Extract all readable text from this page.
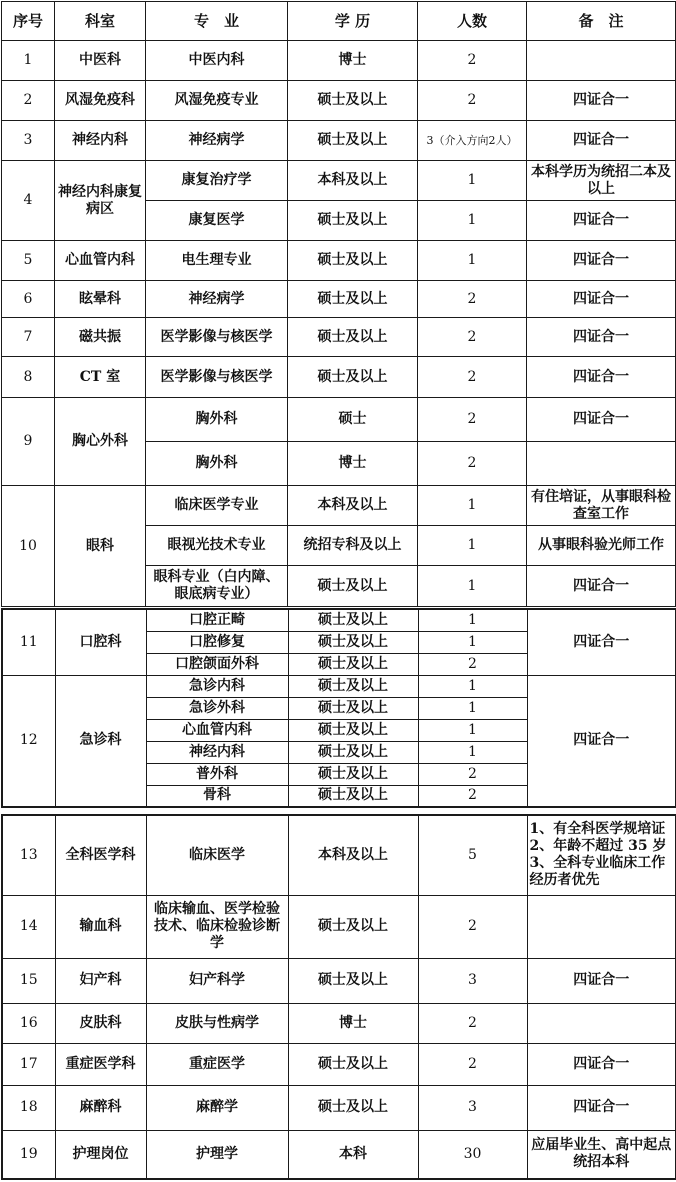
序号	科室	专　业	学 历	人数	备　注
1	中医科	中医内科	博士	2	
2	风湿免疫科	风湿免疫专业	硕士及以上	2	四证合一
3	神经内科	神经病学	硕士及以上	3（介入方向2人）	四证合一
4	神经内科康复病区	康复治疗学	本科及以上	1	本科学历为统招二本及以上
		康复医学	硕士及以上	1	四证合一
5	心血管内科	电生理专业	硕士及以上	1	四证合一
6	眩晕科	神经病学	硕士及以上	2	四证合一
7	磁共振	医学影像与核医学	硕士及以上	2	四证合一
8	CT 室	医学影像与核医学	硕士及以上	2	四证合一
9	胸心外科	胸外科	硕士	2	四证合一
		胸外科	博士	2	
10	眼科	临床医学专业	本科及以上	1	有住培证，从事眼科检查室工作
		眼视光技术专业	统招专科及以上	1	从事眼科验光师工作
		眼科专业（白内障、眼底病专业）	硕士及以上	1	四证合一
11	口腔科	口腔正畸	硕士及以上	1	四证合一
		口腔修复	硕士及以上	1	
		口腔颌面外科	硕士及以上	2	
12	急诊科	急诊内科	硕士及以上	1	四证合一
		急诊外科	硕士及以上	1	
		心血管内科	硕士及以上	1	
		神经内科	硕士及以上	1	
		普外科	硕士及以上	2	
		骨科	硕士及以上	2	
13	全科医学科	临床医学	本科及以上	5	1、有全科医学规培证 2、年龄不超过 35 岁 3、全科专业临床工作经历者优先
14	输血科	临床输血、医学检验技术、临床检验诊断学	硕士及以上	2	
15	妇产科	妇产科学	硕士及以上	3	四证合一
16	皮肤科	皮肤与性病学	博士	2	
17	重症医学科	重症医学	硕士及以上	2	四证合一
18	麻醉科	麻醉学	硕士及以上	3	四证合一
19	护理岗位	护理学	本科	30	应届毕业生、高中起点统招本科
